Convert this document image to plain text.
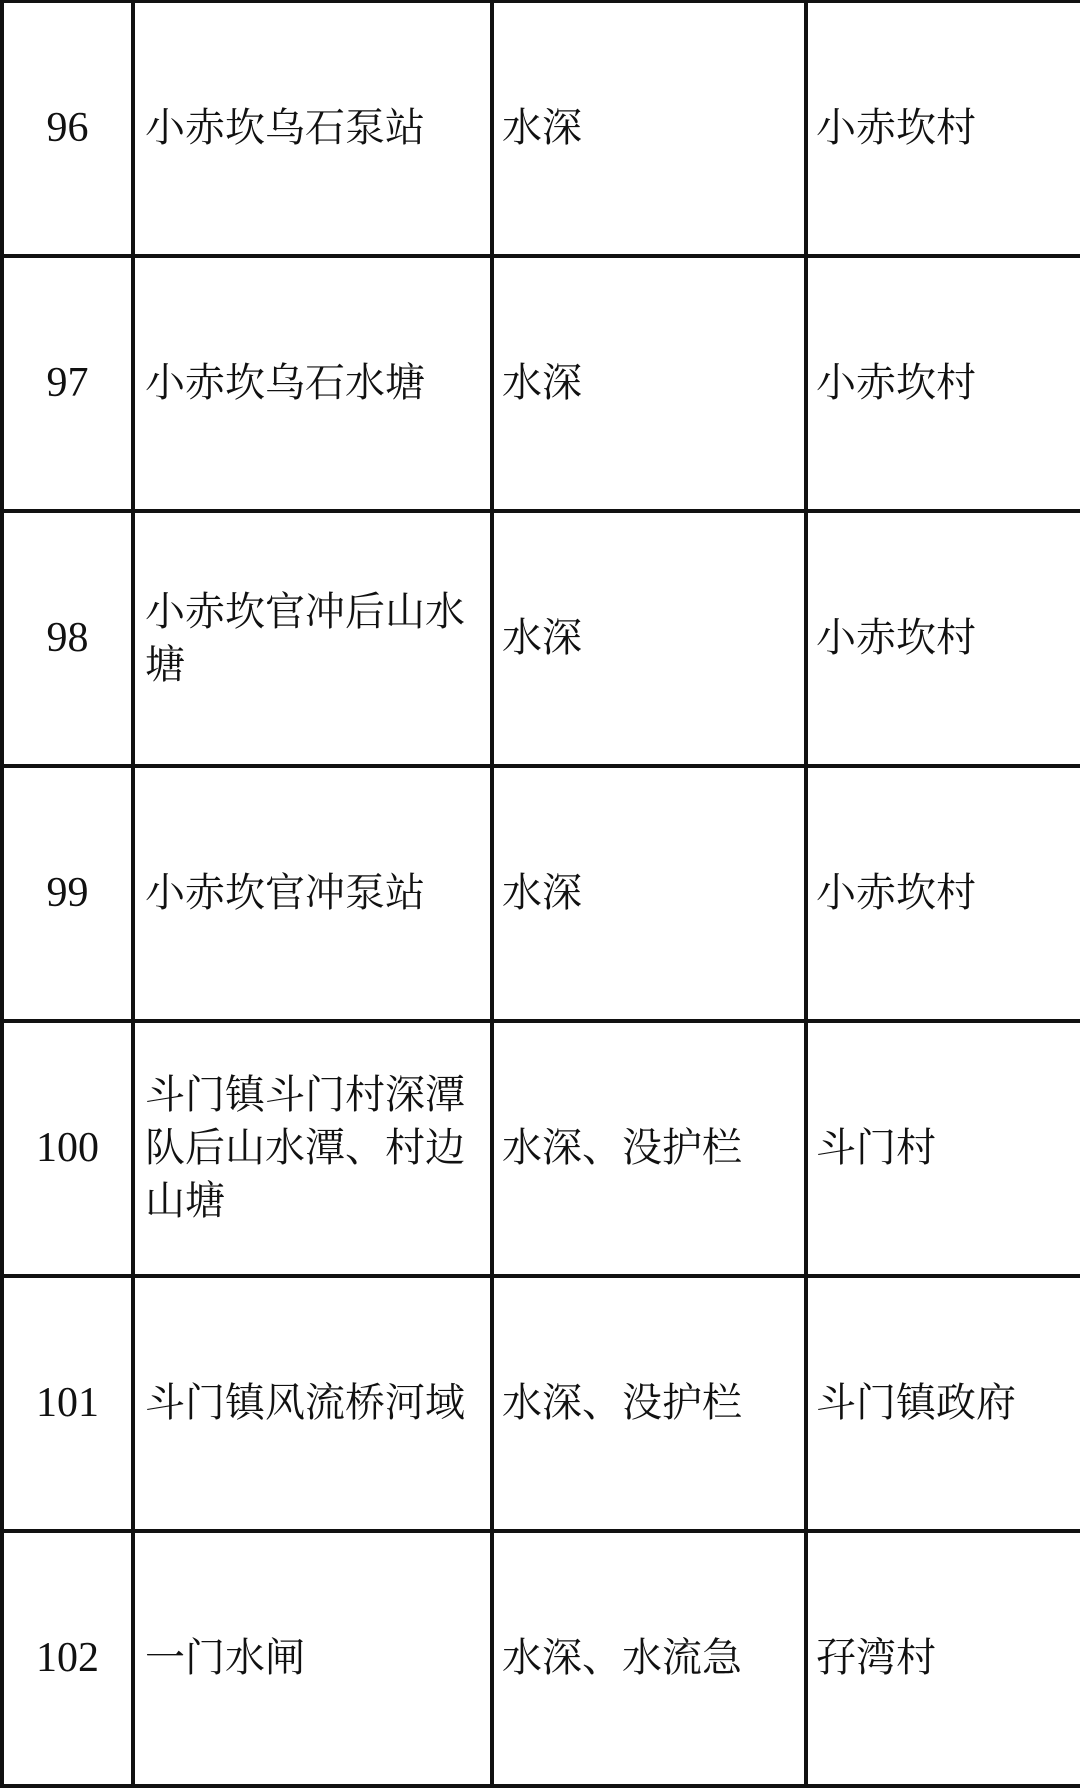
96	小赤坎乌石泵站	水深	小赤坎村
97	小赤坎乌石水塘	水深	小赤坎村
98	小赤坎官冲后山水塘	水深	小赤坎村
99	小赤坎官冲泵站	水深	小赤坎村
100	斗门镇斗门村深潭队后山水潭、村边山塘	水深、没护栏	斗门村
101	斗门镇风流桥河域	水深、没护栏	斗门镇政府
102	一门水闸	水深、水流急	孖湾村
